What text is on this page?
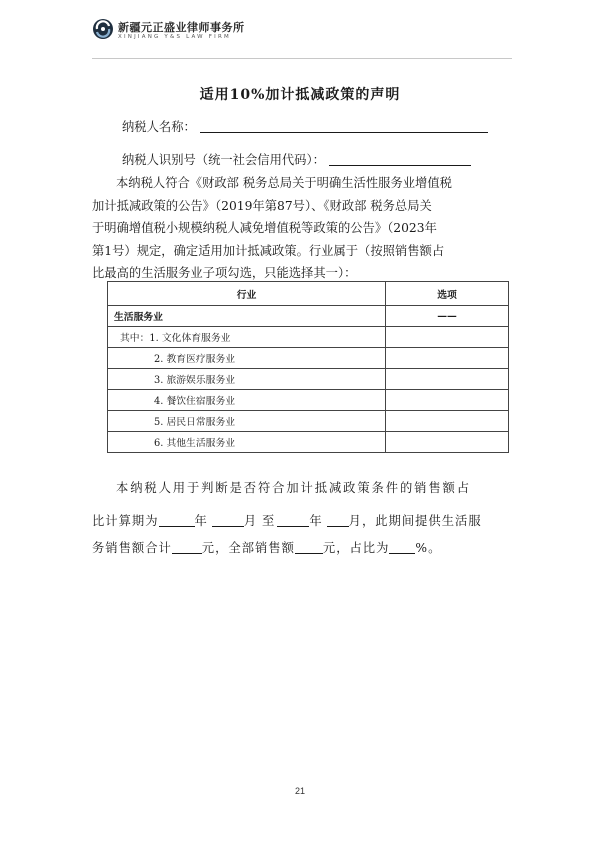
新疆元正盛业律师事务所
XINJIANG Y&S LAW FIRM
适用10%加计抵减政策的声明
纳税人名称：
纳税人识别号（统一社会信用代码）：
本纳税人符合《财政部 税务总局关于明确生活性服务业增值税
加计抵减政策的公告》（2019年第87号）、《财政部 税务总局关
于明确增值税小规模纳税人减免增值税等政策的公告》（2023年
第1号）规定，确定适用加计抵减政策。行业属于（按照销售额占
比最高的生活服务业子项勾选，只能选择其一）：
行业	选项
生活服务业	——
其中：1. 文化体育服务业	
2. 教育医疗服务业	
3. 旅游娱乐服务业	
4. 餐饮住宿服务业	
5. 居民日常服务业	
6. 其他生活服务业	
本纳税人用于判断是否符合加计抵减政策条件的销售额占
比计算期为	年	月 至	年 月，此期间提供生活服
务销售额合计 元，全部销售额 元，占比为 %。
21
